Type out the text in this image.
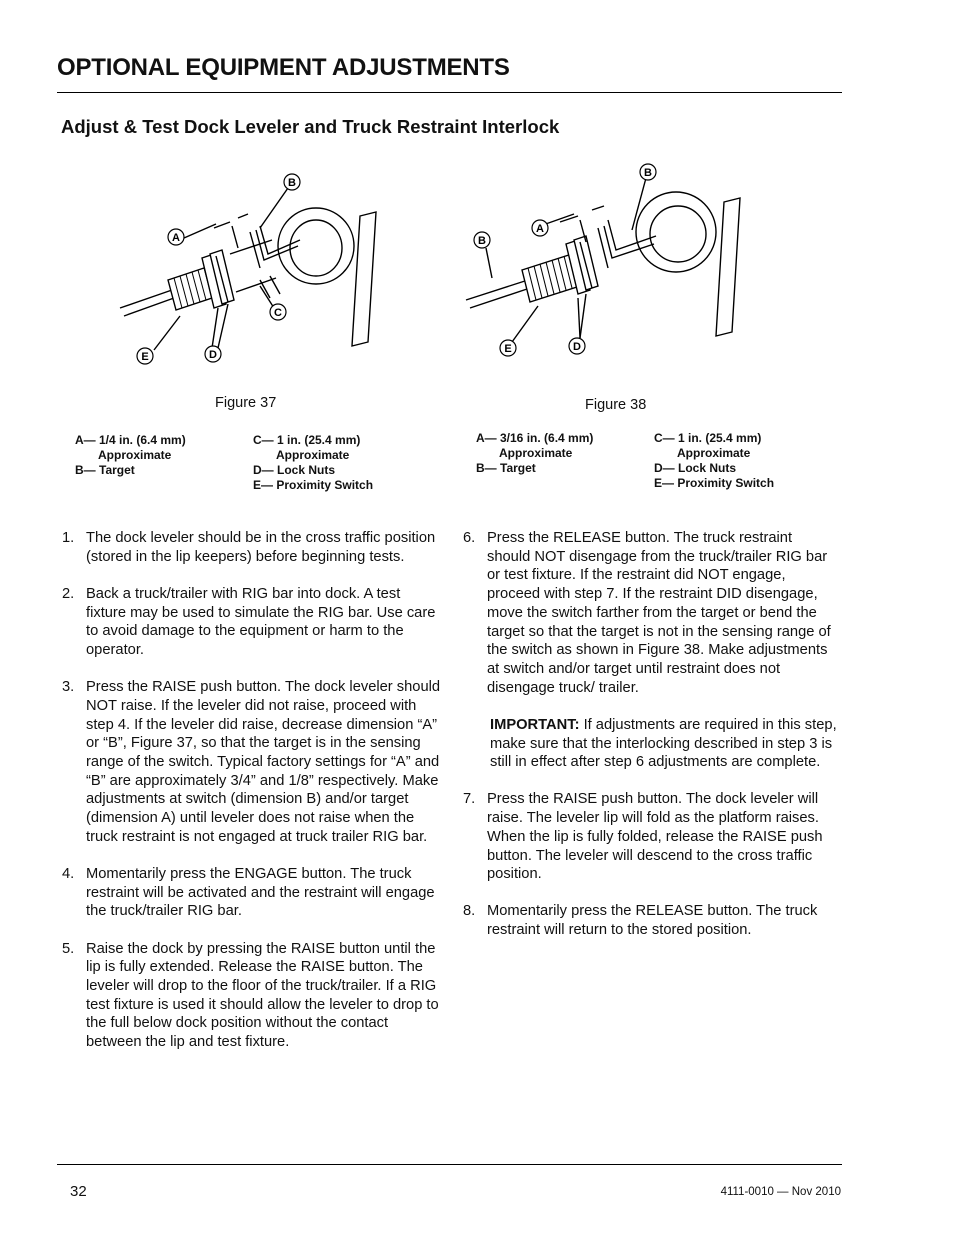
OPTIONAL EQUIPMENT ADJUSTMENTS
Adjust & Test Dock Leveler and Truck Restraint Interlock
A
B
C
D
E
Figure 37
A— 1/4 in. (6.4 mm)
Approximate
B— Target
C— 1 in. (25.4 mm)
Approximate
D— Lock Nuts
E— Proximity Switch
A
B
B
D
E
Figure 38
A— 3/16 in. (6.4 mm)
Approximate
B— Target
C— 1 in. (25.4 mm)
Approximate
D— Lock Nuts
E— Proximity Switch
1. The dock leveler should be in the cross traffic position (stored in the lip keepers) before beginning tests.
2. Back a truck/trailer with RIG bar into dock. A test fixture may be used to simulate the RIG bar. Use care to avoid damage to the equipment or harm to the operator.
3. Press the RAISE push button. The dock leveler should NOT raise. If the leveler did not raise, proceed with step 4. If the leveler did raise, decrease dimension “A” or “B”, Figure 37, so that the target is in the sensing range of the switch. Typical factory settings for “A” and “B” are approximately 3/4” and 1/8” respectively. Make adjustments at switch (dimension B) and/or target (dimension A) until leveler does not raise when the truck restraint is not engaged at truck trailer RIG bar.
4. Momentarily press the ENGAGE button. The truck restraint will be activated and the restraint will engage the truck/trailer RIG bar.
5. Raise the dock by pressing the RAISE button until the lip is fully extended. Release the RAISE button. The leveler will drop to the floor of the truck/trailer. If a RIG test fixture is used it should allow the leveler to drop to the full below dock position without the contact between the lip and test fixture.
6. Press the RELEASE button. The truck restraint should NOT disengage from the truck/trailer RIG bar or test fixture. If the restraint did NOT engage, proceed with step 7. If the restraint DID disengage, move the switch farther from the target or bend the target so that the target is not in the sensing range of the switch as shown in Figure 38. Make adjustments at switch and/or target until restraint does not disengage truck/ trailer.
IMPORTANT: If adjustments are required in this step, make sure that the interlocking described in step 3 is still in effect after step 6 adjustments are complete.
7. Press the RAISE push button. The dock leveler will raise. The leveler lip will fold as the platform raises. When the lip is fully folded, release the RAISE push button. The leveler will descend to the cross traffic position.
8. Momentarily press the RELEASE button. The truck restraint will return to the stored position.
32	4111-0010 — Nov 2010
